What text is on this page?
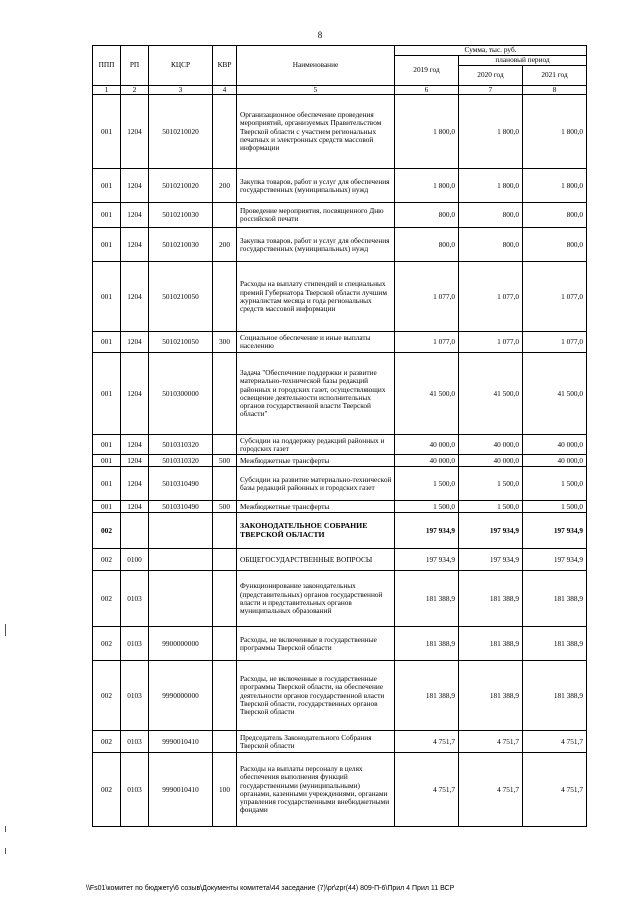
8
ППП	РП	КЦСР	КВР	Наименование	Сумма, тыс. руб.		
					2019 год	плановый период	
						2020 год	2021 год
1	2	3	4	5	6	7	8
001	1204	5010210020		Организационное обеспечение проведения мероприятий, организуемых Правительством Тверской области с участием региональных печатных и электронных средств массовой информации	1 800,0	1 800,0	1 800,0
001	1204	5010210020	200	Закупка товаров, работ и услуг для обеспечения государственных (муниципальных) нужд	1 800,0	1 800,0	1 800,0
001	1204	5010210030		Проведение мероприятия, посвященного Дню российской печати	800,0	800,0	800,0
001	1204	5010210030	200	Закупка товаров, работ и услуг для обеспечения государственных (муниципальных) нужд	800,0	800,0	800,0
001	1204	5010210050		Расходы на выплату стипендий и специальных премий Губернатора Тверской области лучшим журналистам месяца и года региональных средств массовой информации	1 077,0	1 077,0	1 077,0
001	1204	5010210050	300	Социальное обеспечение и иные выплаты населению	1 077,0	1 077,0	1 077,0
001	1204	5010300000		Задача "Обеспечение поддержки и развитие материально-технической базы редакций районных и городских газет, осуществляющих освещение деятельности исполнительных органов государственной власти Тверской области"	41 500,0	41 500,0	41 500,0
001	1204	5010310320		Субсидии на поддержку редакций районных и городских газет	40 000,0	40 000,0	40 000,0
001	1204	5010310320	500	Межбюджетные трансферты	40 000,0	40 000,0	40 000,0
001	1204	5010310490		Субсидии на развитие материально-технической базы редакций районных и городских газет	1 500,0	1 500,0	1 500,0
001	1204	5010310490	500	Межбюджетные трансферты	1 500,0	1 500,0	1 500,0
002				ЗАКОНОДАТЕЛЬНОЕ СОБРАНИЕ ТВЕРСКОЙ ОБЛАСТИ	197 934,9	197 934,9	197 934,9
002	0100			ОБЩЕГОСУДАРСТВЕННЫЕ ВОПРОСЫ	197 934,9	197 934,9	197 934,9
002	0103			Функционирование законодательных (представительных) органов государственной власти и представительных органов муниципальных образований	181 388,9	181 388,9	181 388,9
002	0103	9900000000		Расходы, не включенные в государственные программы Тверской области	181 388,9	181 388,9	181 388,9
002	0103	9990000000		Расходы, не включенные в государственные программы Тверской области, на обеспечение деятельности органов государственной власти Тверской области, государственных органов Тверской области	181 388,9	181 388,9	181 388,9
002	0103	9990010410		Председатель Законодательного Собрания Тверской области	4 751,7	4 751,7	4 751,7
002	0103	9990010410	100	Расходы на выплаты персоналу в целях обеспечения выполнения функций государственными (муниципальными) органами, казенными учреждениями, органами управления государственными внебюджетными фондами	4 751,7	4 751,7	4 751,7
\\Fs01\комитет по бюджету\6 созыв\Документы комитета\44 заседание (7)\pr\zpr(44) 809-П-6\Прил 4 Прил 11 ВСР
